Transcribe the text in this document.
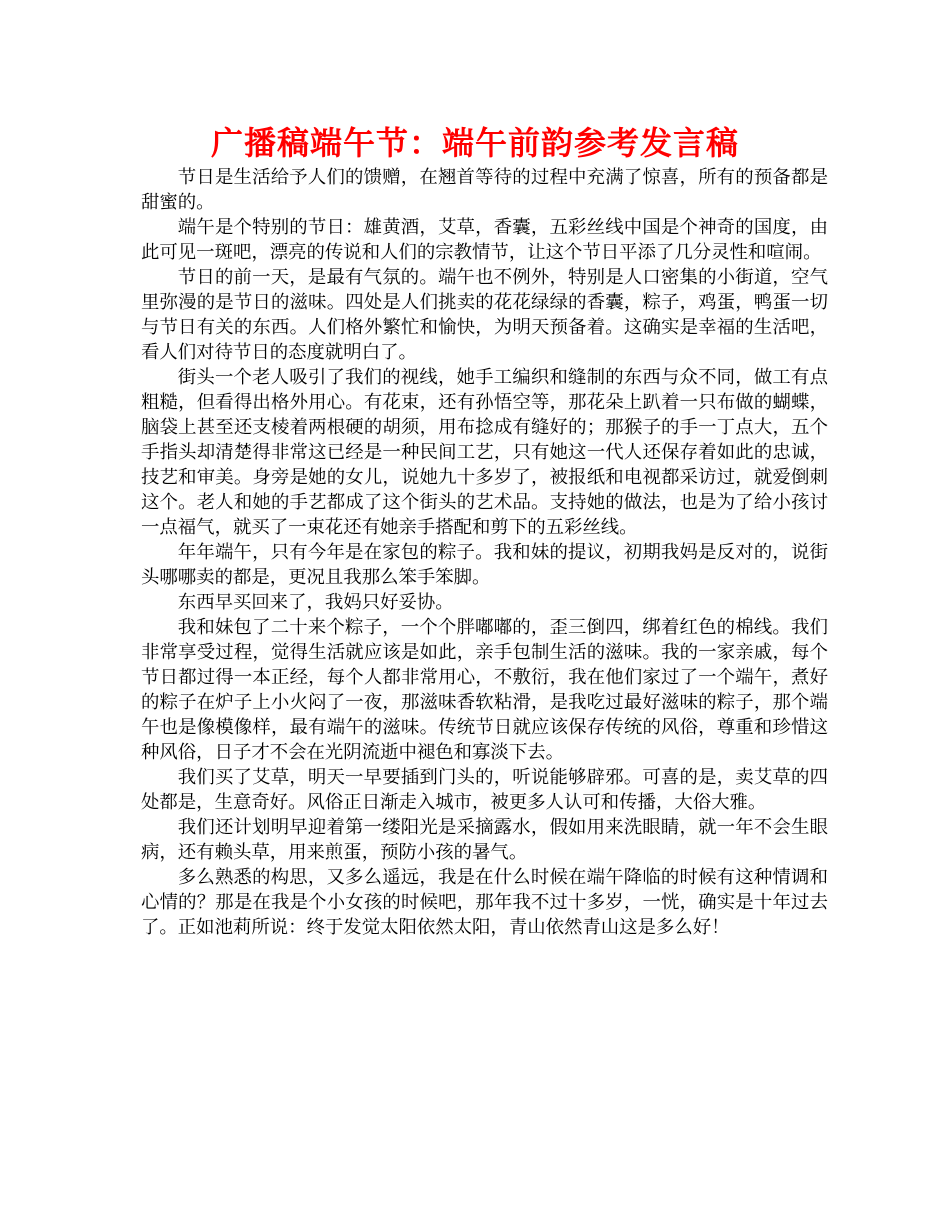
广播稿端午节：端午前韵参考发言稿

节日是生活给予人们的馈赠，在翘首等待的过程中充满了惊喜，所有的预备都是甜蜜的。

端午是个特别的节日：雄黄酒，艾草，香囊，五彩丝线中国是个神奇的国度，由此可见一斑吧，漂亮的传说和人们的宗教情节，让这个节日平添了几分灵性和喧闹。

节日的前一天，是最有气氛的。端午也不例外，特别是人口密集的小街道，空气里弥漫的是节日的滋味。四处是人们挑卖的花花绿绿的香囊，粽子，鸡蛋，鸭蛋一切与节日有关的东西。人们格外繁忙和愉快，为明天预备着。这确实是幸福的生活吧，看人们对待节日的态度就明白了。

街头一个老人吸引了我们的视线，她手工编织和缝制的东西与众不同，做工有点粗糙，但看得出格外用心。有花束，还有孙悟空等，那花朵上趴着一只布做的蝴蝶，脑袋上甚至还支棱着两根硬的胡须，用布捻成有缝好的；那猴子的手一丁点大，五个手指头却清楚得非常这已经是一种民间工艺，只有她这一代人还保存着如此的忠诚，技艺和审美。身旁是她的女儿，说她九十多岁了，被报纸和电视都采访过，就爱倒刺这个。老人和她的手艺都成了这个街头的艺术品。支持她的做法，也是为了给小孩讨一点福气，就买了一束花还有她亲手搭配和剪下的五彩丝线。

年年端午，只有今年是在家包的粽子。我和妹的提议，初期我妈是反对的，说街头哪哪卖的都是，更况且我那么笨手笨脚。

东西早买回来了，我妈只好妥协。

我和妹包了二十来个粽子，一个个胖嘟嘟的，歪三倒四，绑着红色的棉线。我们非常享受过程，觉得生活就应该是如此，亲手包制生活的滋味。我的一家亲戚，每个节日都过得一本正经，每个人都非常用心，不敷衍，我在他们家过了一个端午，煮好的粽子在炉子上小火闷了一夜，那滋味香软粘滑，是我吃过最好滋味的粽子，那个端午也是像模像样，最有端午的滋味。传统节日就应该保存传统的风俗，尊重和珍惜这种风俗，日子才不会在光阴流逝中褪色和寡淡下去。

我们买了艾草，明天一早要插到门头的，听说能够辟邪。可喜的是，卖艾草的四处都是，生意奇好。风俗正日渐走入城市，被更多人认可和传播，大俗大雅。

我们还计划明早迎着第一缕阳光是采摘露水，假如用来洗眼睛，就一年不会生眼病，还有赖头草，用来煎蛋，预防小孩的暑气。

多么熟悉的构思，又多么遥远，我是在什么时候在端午降临的时候有这种情调和心情的？那是在我是个小女孩的时候吧，那年我不过十多岁，一恍，确实是十年过去了。正如池莉所说：终于发觉太阳依然太阳，青山依然青山这是多么好！
